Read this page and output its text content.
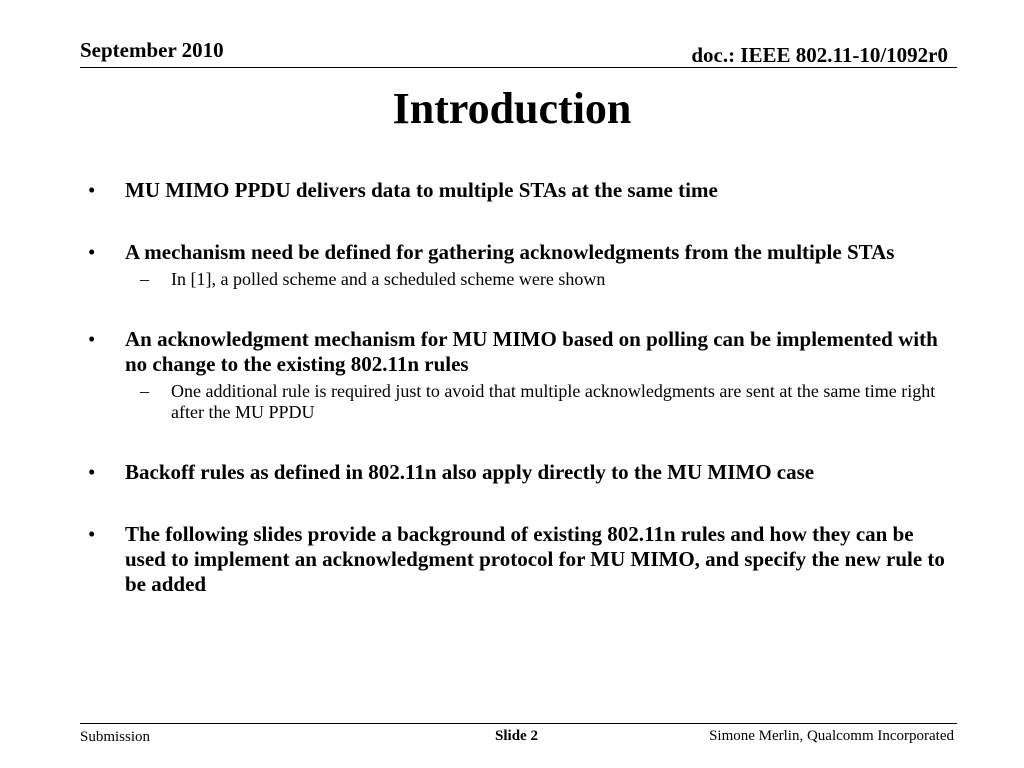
September 2010	doc.: IEEE 802.11-10/1092r0
Introduction
• MU MIMO PPDU delivers data to multiple STAs at the same time
• A mechanism need be defined for gathering acknowledgments from the multiple STAs
– In [1], a polled scheme and a scheduled scheme were shown
• An acknowledgment mechanism for MU MIMO based on polling can be implemented with no change to the existing 802.11n rules
– One additional rule is required just to avoid that multiple acknowledgments are sent at the same time right after the MU PPDU
• Backoff rules as defined in 802.11n also apply directly to the MU MIMO case
• The following slides provide a background of existing 802.11n rules and how they can be used to implement an acknowledgment protocol for MU MIMO, and specify the new rule to be added
Submission	Slide 2	Simone Merlin, Qualcomm Incorporated
